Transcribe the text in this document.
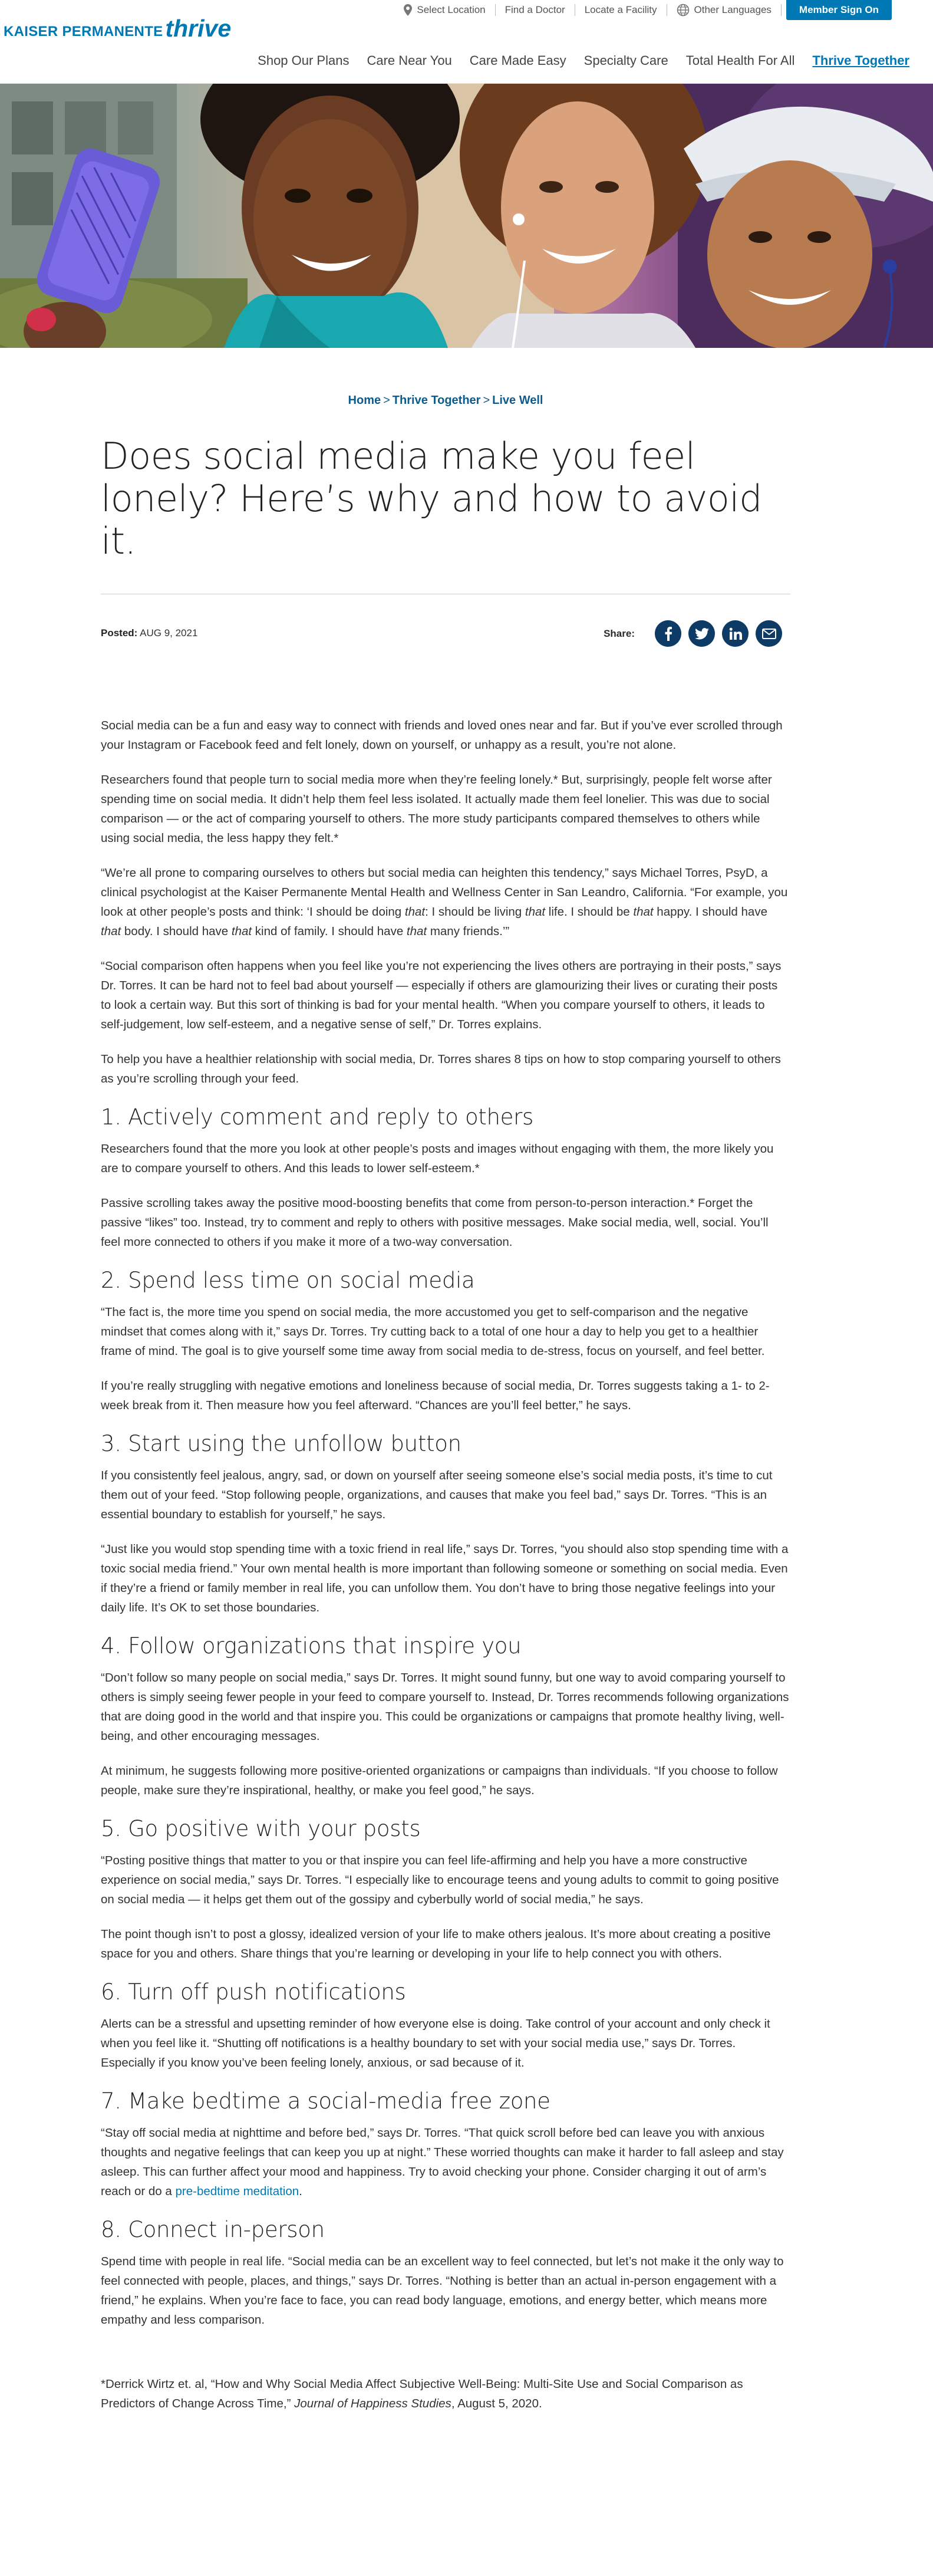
Select Location	Find a Doctor	Locate a Facility	Other Languages	Member Sign On
KAISER PERMANENTE thrive
Shop Our Plans Care Near You Care Made Easy Specialty Care Total Health For All Thrive Together
Home > Thrive Together > Live Well
Does social media make you feel lonely? Here’s why and how to avoid it.
Posted: AUG 9, 2021	Share:

Social media can be a fun and easy way to connect with friends and loved ones near and far. But if you’ve ever scrolled through your Instagram or Facebook feed and felt lonely, down on yourself, or unhappy as a result, you’re not alone.

Researchers found that people turn to social media more when they’re feeling lonely.* But, surprisingly, people felt worse after spending time on social media. It didn’t help them feel less isolated. It actually made them feel lonelier. This was due to social comparison — or the act of comparing yourself to others. The more study participants compared themselves to others while using social media, the less happy they felt.*

“We’re all prone to comparing ourselves to others but social media can heighten this tendency,” says Michael Torres, PsyD, a clinical psychologist at the Kaiser Permanente Mental Health and Wellness Center in San Leandro, California. “For example, you look at other people’s posts and think: ‘I should be doing that: I should be living that life. I should be that happy. I should have that body. I should have that kind of family. I should have that many friends.’”

“Social comparison often happens when you feel like you’re not experiencing the lives others are portraying in their posts,” says Dr. Torres. It can be hard not to feel bad about yourself — especially if others are glamourizing their lives or curating their posts to look a certain way. But this sort of thinking is bad for your mental health. “When you compare yourself to others, it leads to self-judgement, low self-esteem, and a negative sense of self,” Dr. Torres explains.

To help you have a healthier relationship with social media, Dr. Torres shares 8 tips on how to stop comparing yourself to others as you’re scrolling through your feed.

1. Actively comment and reply to others

Researchers found that the more you look at other people’s posts and images without engaging with them, the more likely you are to compare yourself to others. And this leads to lower self-esteem.*

Passive scrolling takes away the positive mood-boosting benefits that come from person-to-person interaction.* Forget the passive “likes” too. Instead, try to comment and reply to others with positive messages. Make social media, well, social. You’ll feel more connected to others if you make it more of a two-way conversation.

2. Spend less time on social media

“The fact is, the more time you spend on social media, the more accustomed you get to self-comparison and the negative mindset that comes along with it,” says Dr. Torres. Try cutting back to a total of one hour a day to help you get to a healthier frame of mind. The goal is to give yourself some time away from social media to de-stress, focus on yourself, and feel better.

If you’re really struggling with negative emotions and loneliness because of social media, Dr. Torres suggests taking a 1- to 2-week break from it. Then measure how you feel afterward. “Chances are you’ll feel better,” he says.

3. Start using the unfollow button

If you consistently feel jealous, angry, sad, or down on yourself after seeing someone else’s social media posts, it’s time to cut them out of your feed. “Stop following people, organizations, and causes that make you feel bad,” says Dr. Torres. “This is an essential boundary to establish for yourself,” he says.

“Just like you would stop spending time with a toxic friend in real life,” says Dr. Torres, “you should also stop spending time with a toxic social media friend.” Your own mental health is more important than following someone or something on social media. Even if they’re a friend or family member in real life, you can unfollow them. You don’t have to bring those negative feelings into your daily life. It’s OK to set those boundaries.

4. Follow organizations that inspire you

“Don’t follow so many people on social media,” says Dr. Torres. It might sound funny, but one way to avoid comparing yourself to others is simply seeing fewer people in your feed to compare yourself to. Instead, Dr. Torres recommends following organizations that are doing good in the world and that inspire you. This could be organizations or campaigns that promote healthy living, well-being, and other encouraging messages.

At minimum, he suggests following more positive-oriented organizations or campaigns than individuals. “If you choose to follow people, make sure they’re inspirational, healthy, or make you feel good,” he says.

5. Go positive with your posts

“Posting positive things that matter to you or that inspire you can feel life-affirming and help you have a more constructive experience on social media,” says Dr. Torres. “I especially like to encourage teens and young adults to commit to going positive on social media — it helps get them out of the gossipy and cyberbully world of social media,” he says.

The point though isn’t to post a glossy, idealized version of your life to make others jealous. It’s more about creating a positive space for you and others. Share things that you’re learning or developing in your life to help connect you with others.

6. Turn off push notifications

Alerts can be a stressful and upsetting reminder of how everyone else is doing. Take control of your account and only check it when you feel like it. “Shutting off notifications is a healthy boundary to set with your social media use,” says Dr. Torres. Especially if you know you’ve been feeling lonely, anxious, or sad because of it.

7. Make bedtime a social-media free zone

“Stay off social media at nighttime and before bed,” says Dr. Torres. “That quick scroll before bed can leave you with anxious thoughts and negative feelings that can keep you up at night.” These worried thoughts can make it harder to fall asleep and stay asleep. This can further affect your mood and happiness. Try to avoid checking your phone. Consider charging it out of arm’s reach or do a pre-bedtime meditation.

8. Connect in-person

Spend time with people in real life. “Social media can be an excellent way to feel connected, but let’s not make it the only way to feel connected with people, places, and things,” says Dr. Torres. “Nothing is better than an actual in-person engagement with a friend,” he explains. When you’re face to face, you can read body language, emotions, and energy better, which means more empathy and less comparison.

*Derrick Wirtz et. al, “How and Why Social Media Affect Subjective Well-Being: Multi-Site Use and Social Comparison as Predictors of Change Across Time,” Journal of Happiness Studies, August 5, 2020.
